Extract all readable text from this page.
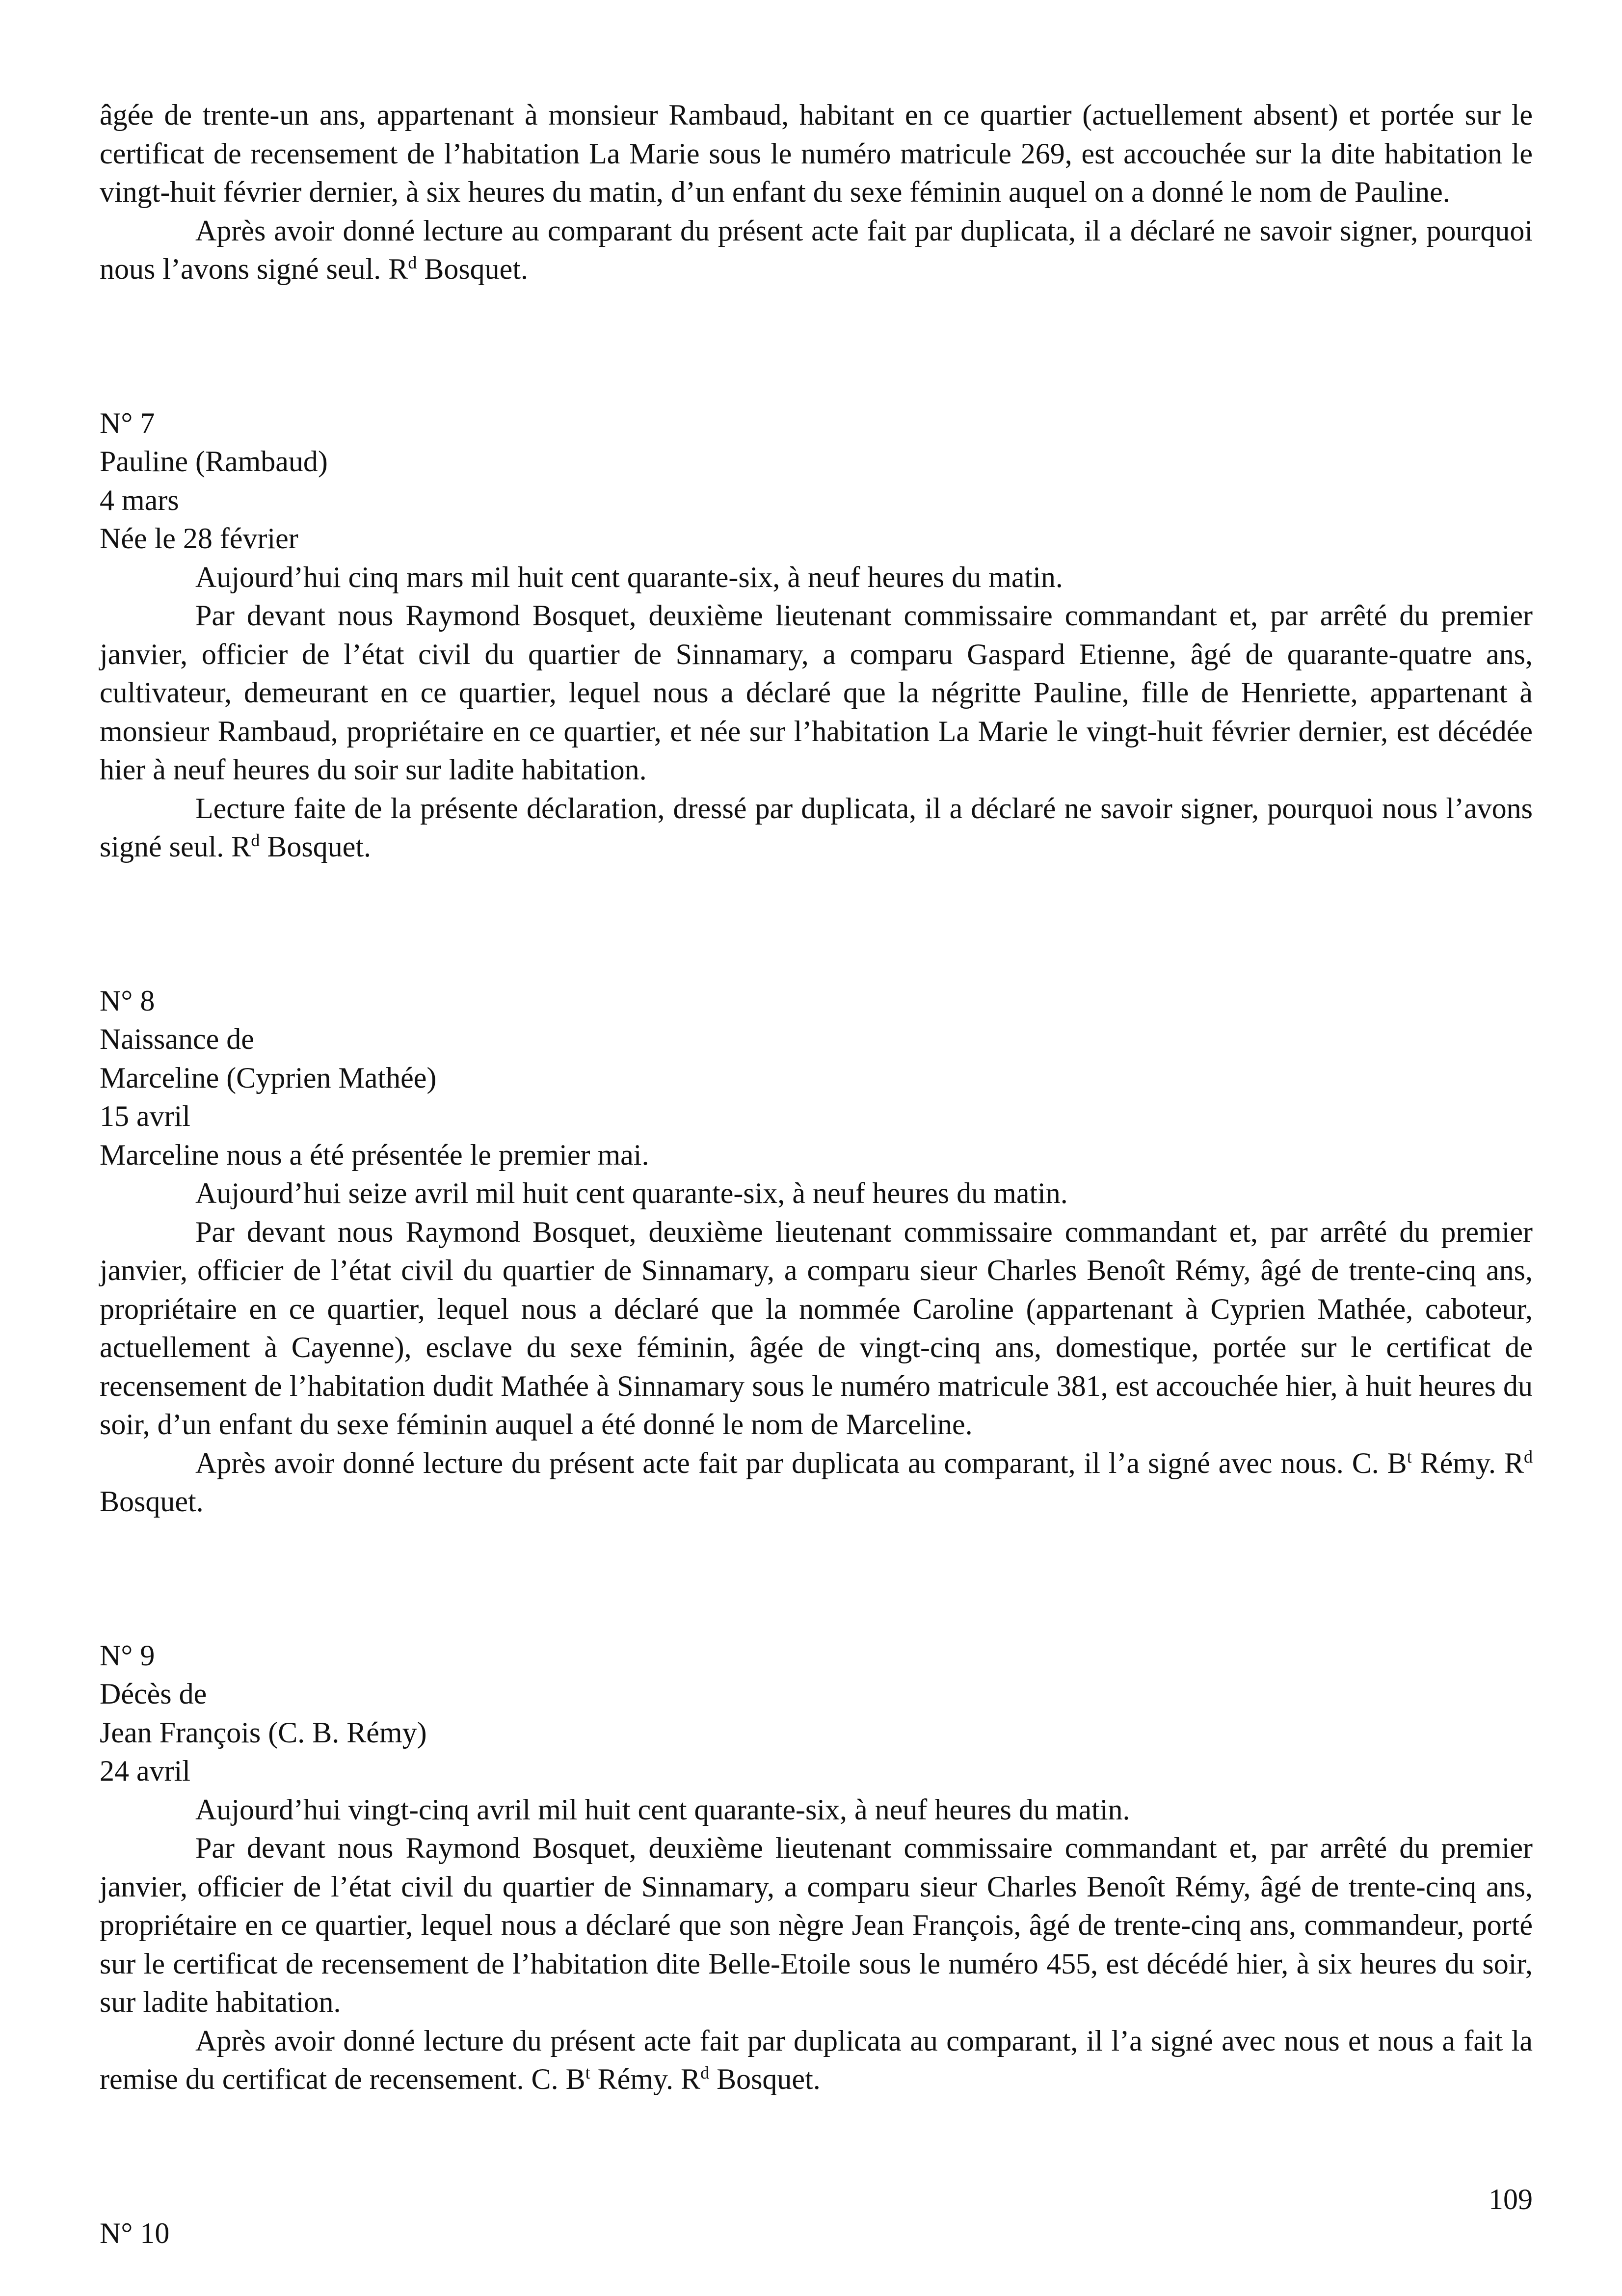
âgée de trente-un ans, appartenant à monsieur Rambaud, habitant en ce quartier (actuellement absent) et portée sur le certificat de recensement de l’habitation La Marie sous le numéro matricule 269, est accouchée sur la dite habitation le vingt-huit février dernier, à six heures du matin, d’un enfant du sexe féminin auquel on a donné le nom de Pauline.

Après avoir donné lecture au comparant du présent acte fait par duplicata, il a déclaré ne savoir signer, pourquoi nous l’avons signé seul. $R^d$ Bosquet.

N° 7
Pauline (Rambaud)
4 mars
Née le 28 février

Aujourd’hui cinq mars mil huit cent quarante-six, à neuf heures du matin.

Par devant nous Raymond Bosquet, deuxième lieutenant commissaire commandant et, par arrêté du premier janvier, officier de l’état civil du quartier de Sinnamary, a comparu Gaspard Etienne, âgé de quarante-quatre ans, cultivateur, demeurant en ce quartier, lequel nous a déclaré que la négritte Pauline, fille de Henriette, appartenant à monsieur Rambaud, propriétaire en ce quartier, et née sur l’habitation La Marie le vingt-huit février dernier, est décédée hier à neuf heures du soir sur ladite habitation.

Lecture faite de la présente déclaration, dressé par duplicata, il a déclaré ne savoir signer, pourquoi nous l’avons signé seul. $R^d$ Bosquet.

N° 8
Naissance de
Marceline (Cyprien Mathée)
15 avril
Marceline nous a été présentée le premier mai.

Aujourd’hui seize avril mil huit cent quarante-six, à neuf heures du matin.

Par devant nous Raymond Bosquet, deuxième lieutenant commissaire commandant et, par arrêté du premier janvier, officier de l’état civil du quartier de Sinnamary, a comparu sieur Charles Benoît Rémy, âgé de trente-cinq ans, propriétaire en ce quartier, lequel nous a déclaré que la nommée Caroline (appartenant à Cyprien Mathée, caboteur, actuellement à Cayenne), esclave du sexe féminin, âgée de vingt-cinq ans, domestique, portée sur le certificat de recensement de l’habitation dudit Mathée à Sinnamary sous le numéro matricule 381, est accouchée hier, à huit heures du soir, d’un enfant du sexe féminin auquel a été donné le nom de Marceline.

Après avoir donné lecture du présent acte fait par duplicata au comparant, il l’a signé avec nous. C. $B^t$ Rémy. $R^d$ Bosquet.

N° 9
Décès de
Jean François (C. B. Rémy)
24 avril

Aujourd’hui vingt-cinq avril mil huit cent quarante-six, à neuf heures du matin.

Par devant nous Raymond Bosquet, deuxième lieutenant commissaire commandant et, par arrêté du premier janvier, officier de l’état civil du quartier de Sinnamary, a comparu sieur Charles Benoît Rémy, âgé de trente-cinq ans, propriétaire en ce quartier, lequel nous a déclaré que son nègre Jean François, âgé de trente-cinq ans, commandeur, porté sur le certificat de recensement de l’habitation dite Belle-Etoile sous le numéro 455, est décédé hier, à six heures du soir, sur ladite habitation.

Après avoir donné lecture du présent acte fait par duplicata au comparant, il l’a signé avec nous et nous a fait la remise du certificat de recensement. C. $B^t$ Rémy. $R^d$ Bosquet.

N° 10
109
